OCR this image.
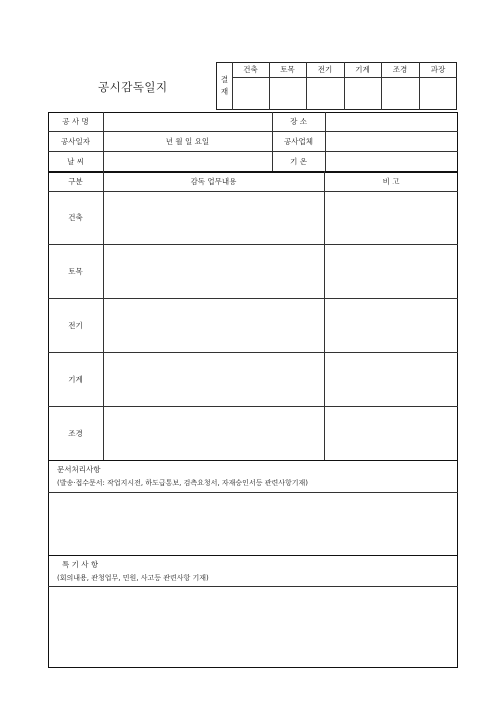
공시감독일지
결
재
건축	토목	전기	기계	조경	과장
공 사 명	장 소
공사일자	년 월 일 요일	공사업체
날 씨	기 온
구분	감독 업무내용	비 고
건축
토목
전기
기계
조경
문서처리사항
(발송·접수문서: 작업지시전, 하도급통보, 검측요청서, 자재승인서등 관련사항기재)
특 기 사 항
(회의내용, 관청업무, 민원, 사고등 관련사항 기재)
